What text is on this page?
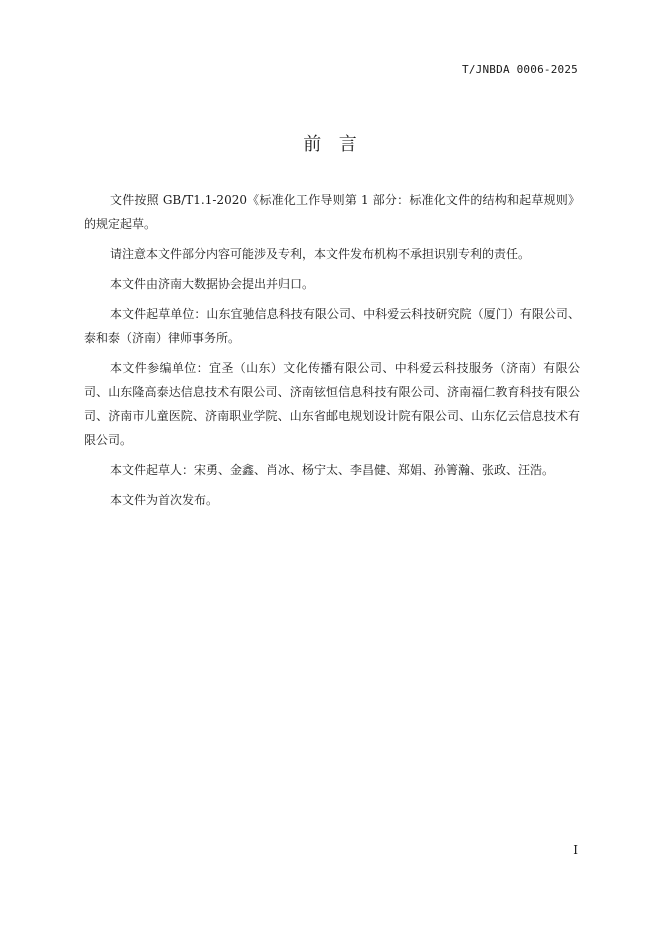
T/JNBDA 0006-2025
前  言

文件按照 GB/T1.1-2020《标准化工作导则第 1 部分：标准化文件的结构和起草规则》的规定起草。

请注意本文件部分内容可能涉及专利，本文件发布机构不承担识别专利的责任。

本文件由济南大数据协会提出并归口。

本文件起草单位：山东宜驰信息科技有限公司、中科爱云科技研究院（厦门）有限公司、泰和泰（济南）律师事务所。

本文件参编单位：宜圣（山东）文化传播有限公司、中科爱云科技服务（济南）有限公司、山东隆高泰达信息技术有限公司、济南铉恒信息科技有限公司、济南福仁教育科技有限公司、济南市儿童医院、济南职业学院、山东省邮电规划设计院有限公司、山东亿云信息技术有限公司。

本文件起草人：宋勇、金鑫、肖冰、杨宁太、李昌健、郑娟、孙箐瀚、张政、汪浩。

本文件为首次发布。

I
